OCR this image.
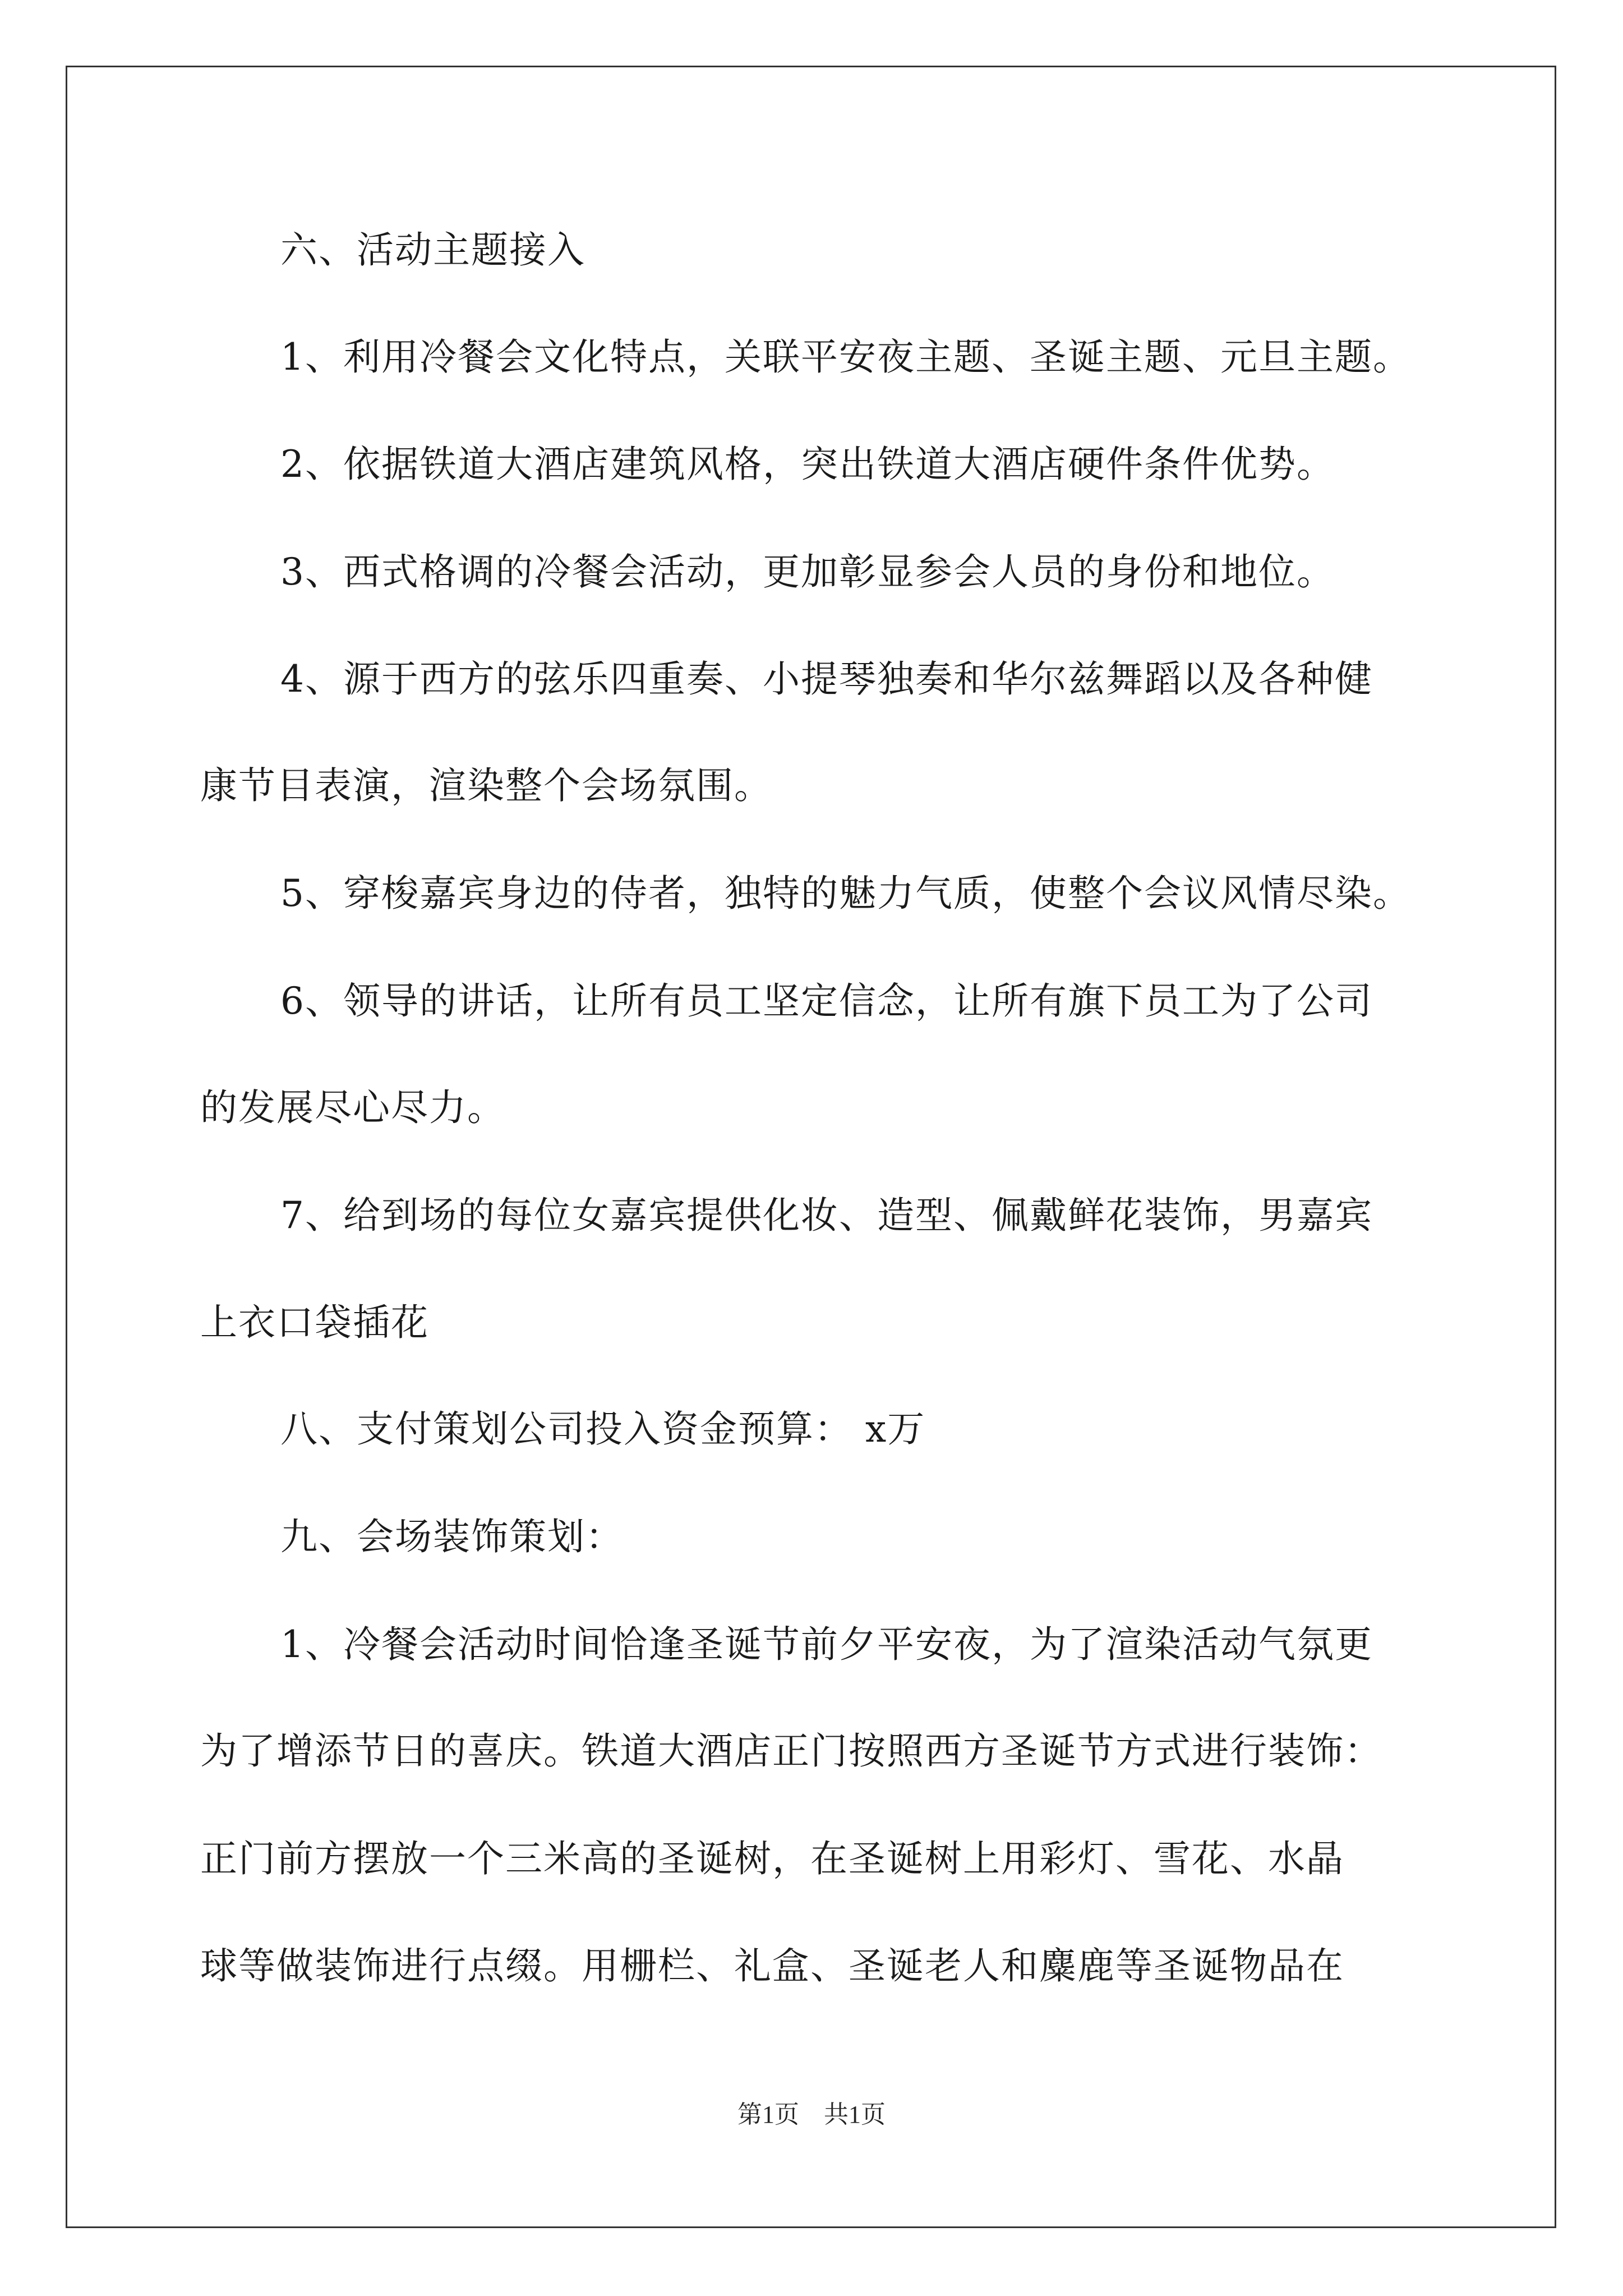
六、活动主题接入
1、利用冷餐会文化特点，关联平安夜主题、圣诞主题、元旦主题。
2、依据铁道大酒店建筑风格，突出铁道大酒店硬件条件优势。
3、西式格调的冷餐会活动，更加彰显参会人员的身份和地位。
4、源于西方的弦乐四重奏、小提琴独奏和华尔兹舞蹈以及各种健
康节目表演，渲染整个会场氛围。
5、穿梭嘉宾身边的侍者，独特的魅力气质，使整个会议风情尽染。
6、领导的讲话，让所有员工坚定信念，让所有旗下员工为了公司
的发展尽心尽力。
7、给到场的每位女嘉宾提供化妆、造型、佩戴鲜花装饰，男嘉宾
上衣口袋插花
八、支付策划公司投入资金预算： x万
九、会场装饰策划：
1、冷餐会活动时间恰逢圣诞节前夕平安夜，为了渲染活动气氛更
为了增添节日的喜庆。铁道大酒店正门按照西方圣诞节方式进行装饰：
正门前方摆放一个三米高的圣诞树，在圣诞树上用彩灯、雪花、水晶
球等做装饰进行点缀。用栅栏、礼盒、圣诞老人和麋鹿等圣诞物品在
第1页　共1页
